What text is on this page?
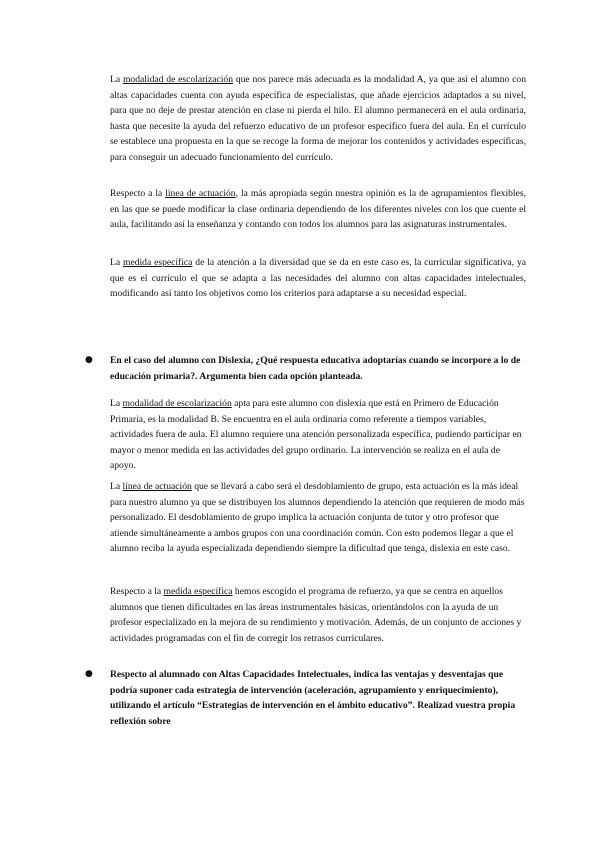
La modalidad de escolarización que nos parece más adecuada es la modalidad A, ya que así el alumno con altas capacidades cuenta con ayuda específica de especialistas, que añade ejercicios adaptados a su nivel, para que no deje de prestar atención en clase ni pierda el hilo. El alumno permanecerá en el aula ordinaria, hasta que necesite la ayuda del refuerzo educativo de un profesor específico fuera del aula. En el currículo se establece una propuesta en la que se recoge la forma de mejorar los contenidos y actividades específicas, para conseguir un adecuado funcionamiento del currículo.

Respecto a la línea de actuación, la más apropiada según nuestra opinión es la de agrupamientos flexibles, en las que se puede modificar la clase ordinaria dependiendo de los diferentes niveles con los que cuente el aula, facilitando así la enseñanza y contando con todos los alumnos para las asignaturas instrumentales.

La medida específica de la atención a la diversidad que se da en este caso es, la curricular significativa, ya que es el currículo el que se adapta a las necesidades del alumno con altas capacidades intelectuales, modificando así tanto los objetivos como los criterios para adaptarse a su necesidad especial.

● En el caso del alumno con Dislexia, ¿Qué respuesta educativa adoptarías cuando se incorpore a lo de educación primaria?. Argumenta bien cada opción planteada.

La modalidad de escolarización apta para este alumno con dislexia que está en Primero de Educación Primaria, es la modalidad B. Se encuentra en el aula ordinaria como referente a tiempos variables, actividades fuera de aula. El alumno requiere una atención personalizada específica, pudiendo participar en mayor o menor medida en las actividades del grupo ordinario. La intervención se realiza en el aula de apoyo.

La línea de actuación que se llevará a cabo será el desdoblamiento de grupo, esta actuación es la más ideal para nuestro alumno ya que se distribuyen los alumnos dependiendo la atención que requieren de modo más personalizado. El desdoblamiento de grupo implica la actuación conjunta de tutor y otro profesor que atiende simultáneamente a ambos grupos con una coordinación común. Con esto podemos llegar a que el alumno reciba la ayuda especializada dependiendo siempre la dificultad que tenga, dislexia en este caso.

Respecto a la medida específica hemos escogido el programa de refuerzo, ya que se centra en aquellos alumnos que tienen dificultades en las áreas instrumentales básicas, orientándolos con la ayuda de un profesor especializado en la mejora de su rendimiento y motivación. Además, de un conjunto de acciones y actividades programadas con el fin de corregir los retrasos curriculares.

● Respecto al alumnado con Altas Capacidades Intelectuales, indica las ventajas y desventajas que podría suponer cada estrategia de intervención (aceleración, agrupamiento y enriquecimiento), utilizando el artículo “Estrategias de intervención en el ámbito educativo”. Realizad vuestra propia reflexión sobre
